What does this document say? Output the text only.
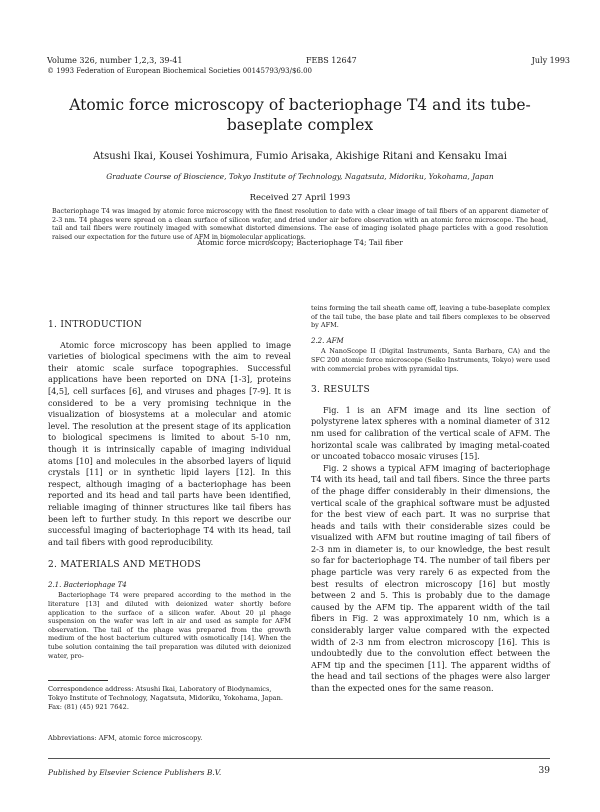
Volume 326, number 1,2,3, 39-41	FEBS 12647	July 1993
© 1993 Federation of European Biochemical Societies 00145793/93/$6.00
Atomic force microscopy of bacteriophage T4 and its tube-baseplate complex
Atsushi Ikai, Kousei Yoshimura, Fumio Arisaka, Akishige Ritani and Kensaku Imai
Graduate Course of Bioscience, Tokyo Institute of Technology, Nagatsuta, Midoriku, Yokohama, Japan
Received 27 April 1993
Bacteriophage T4 was imaged by atomic force microscopy with the finest resolution to date with a clear image of tail fibers of an apparent diameter of 2-3 nm. T4 phages were spread on a clean surface of silicon wafer, and dried under air before observation with an atomic force microscope. The head, tail and tail fibers were routinely imaged with somewhat distorted dimensions. The ease of imaging isolated phage particles with a good resolution raised our expectation for the future use of AFM in biomolecular applications.
Atomic force microscopy; Bacteriophage T4; Tail fiber
1. INTRODUCTION

Atomic force microscopy has been applied to image varieties of biological specimens with the aim to reveal their atomic scale surface topographies. Successful applications have been reported on DNA [1-3], proteins [4,5], cell surfaces [6], and viruses and phages [7-9]. It is considered to be a very promising technique in the visualization of biosystems at a molecular and atomic level. The resolution at the present stage of its application to biological specimens is limited to about 5-10 nm, though it is intrinsically capable of imaging individual atoms [10] and molecules in the absorbed layers of liquid crystals [11] or in synthetic lipid layers [12]. In this respect, although imaging of a bacteriophage has been reported and its head and tail parts have been identified, reliable imaging of thinner structures like tail fibers has been left to further study. In this report we describe our successful imaging of bacteriophage T4 with its head, tail and tail fibers with good reproducibility.

2. MATERIALS AND METHODS
2.1. Bacteriophage T4

Bacteriophage T4 were prepared according to the method in the literature [13] and diluted with deionized water shortly before application to the surface of a silicon wafer. About 20 μl phage suspension on the wafer was left in air and used as sample for AFM observation. The tail of the phage was prepared from the growth medium of the host bacterium cultured with osmotically [14]. When the tube solution containing the tail preparation was diluted with deionized water, pro-

Correspondence address: Atsushi Ikai, Laboratory of Biodynamics, Tokyo Institute of Technology, Nagatsuta, Midoriku, Yokohama, Japan. Fax: (81) (45) 921 7642.
Abbreviations: AFM, atomic force microscopy.

teins forming the tail sheath came off, leaving a tube-baseplate complex of the tail tube, the base plate and tail fibers complexes to be observed by AFM.

2.2. AFM

A NanoScope II (Digital Instruments, Santa Barbara, CA) and the SFC 200 atomic force microscope (Seiko Instruments, Tokyo) were used with commercial probes with pyramidal tips.

3. RESULTS

Fig. 1 is an AFM image and its line section of polystyrene latex spheres with a nominal diameter of 312 nm used for calibration of the vertical scale of AFM. The horizontal scale was calibrated by imaging metal-coated or uncoated tobacco mosaic viruses [15].

Fig. 2 shows a typical AFM imaging of bacteriophage T4 with its head, tail and tail fibers. Since the three parts of the phage differ considerably in their dimensions, the vertical scale of the graphical software must be adjusted for the best view of each part. It was no surprise that heads and tails with their considerable sizes could be visualized with AFM but routine imaging of tail fibers of 2-3 nm in diameter is, to our knowledge, the best result so far for bacteriophage T4. The number of tail fibers per phage particle was very rarely 6 as expected from the best results of electron microscopy [16] but mostly between 2 and 5. This is probably due to the damage caused by the AFM tip. The apparent width of the tail fibers in Fig. 2 was approximately 10 nm, which is a considerably larger value compared with the expected width of 2-3 nm from electron microscopy [16]. This is undoubtedly due to the convolution effect between the AFM tip and the specimen [11]. The apparent widths of the head and tail sections of the phages were also larger than the expected ones for the same reason.

Published by Elsevier Science Publishers B.V.	39
